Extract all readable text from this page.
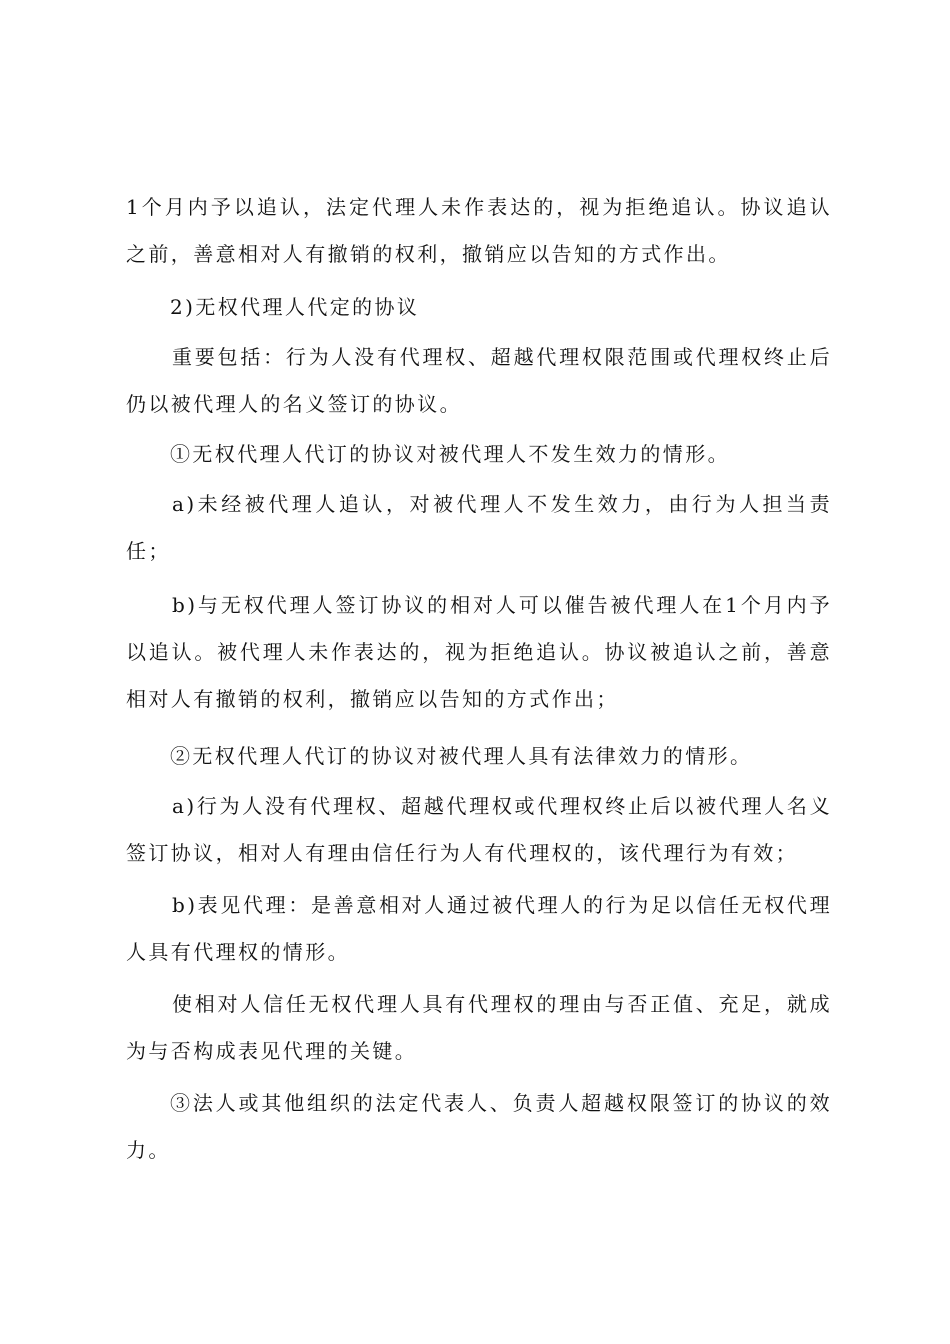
1个月内予以追认，法定代理人未作表达的，视为拒绝追认。协议追认之前，善意相对人有撤销的权利，撤销应以告知的方式作出。

2)无权代理人代定的协议

重要包括：行为人没有代理权、超越代理权限范围或代理权终止后仍以被代理人的名义签订的协议。

①无权代理人代订的协议对被代理人不发生效力的情形。

a)未经被代理人追认，对被代理人不发生效力，由行为人担当责任；

b)与无权代理人签订协议的相对人可以催告被代理人在1个月内予以追认。被代理人未作表达的，视为拒绝追认。协议被追认之前，善意相对人有撤销的权利，撤销应以告知的方式作出；

②无权代理人代订的协议对被代理人具有法律效力的情形。

a)行为人没有代理权、超越代理权或代理权终止后以被代理人名义签订协议，相对人有理由信任行为人有代理权的，该代理行为有效；

b)表见代理：是善意相对人通过被代理人的行为足以信任无权代理人具有代理权的情形。

使相对人信任无权代理人具有代理权的理由与否正值、充足，就成为与否构成表见代理的关键。

③法人或其他组织的法定代表人、负责人超越权限签订的协议的效力。
